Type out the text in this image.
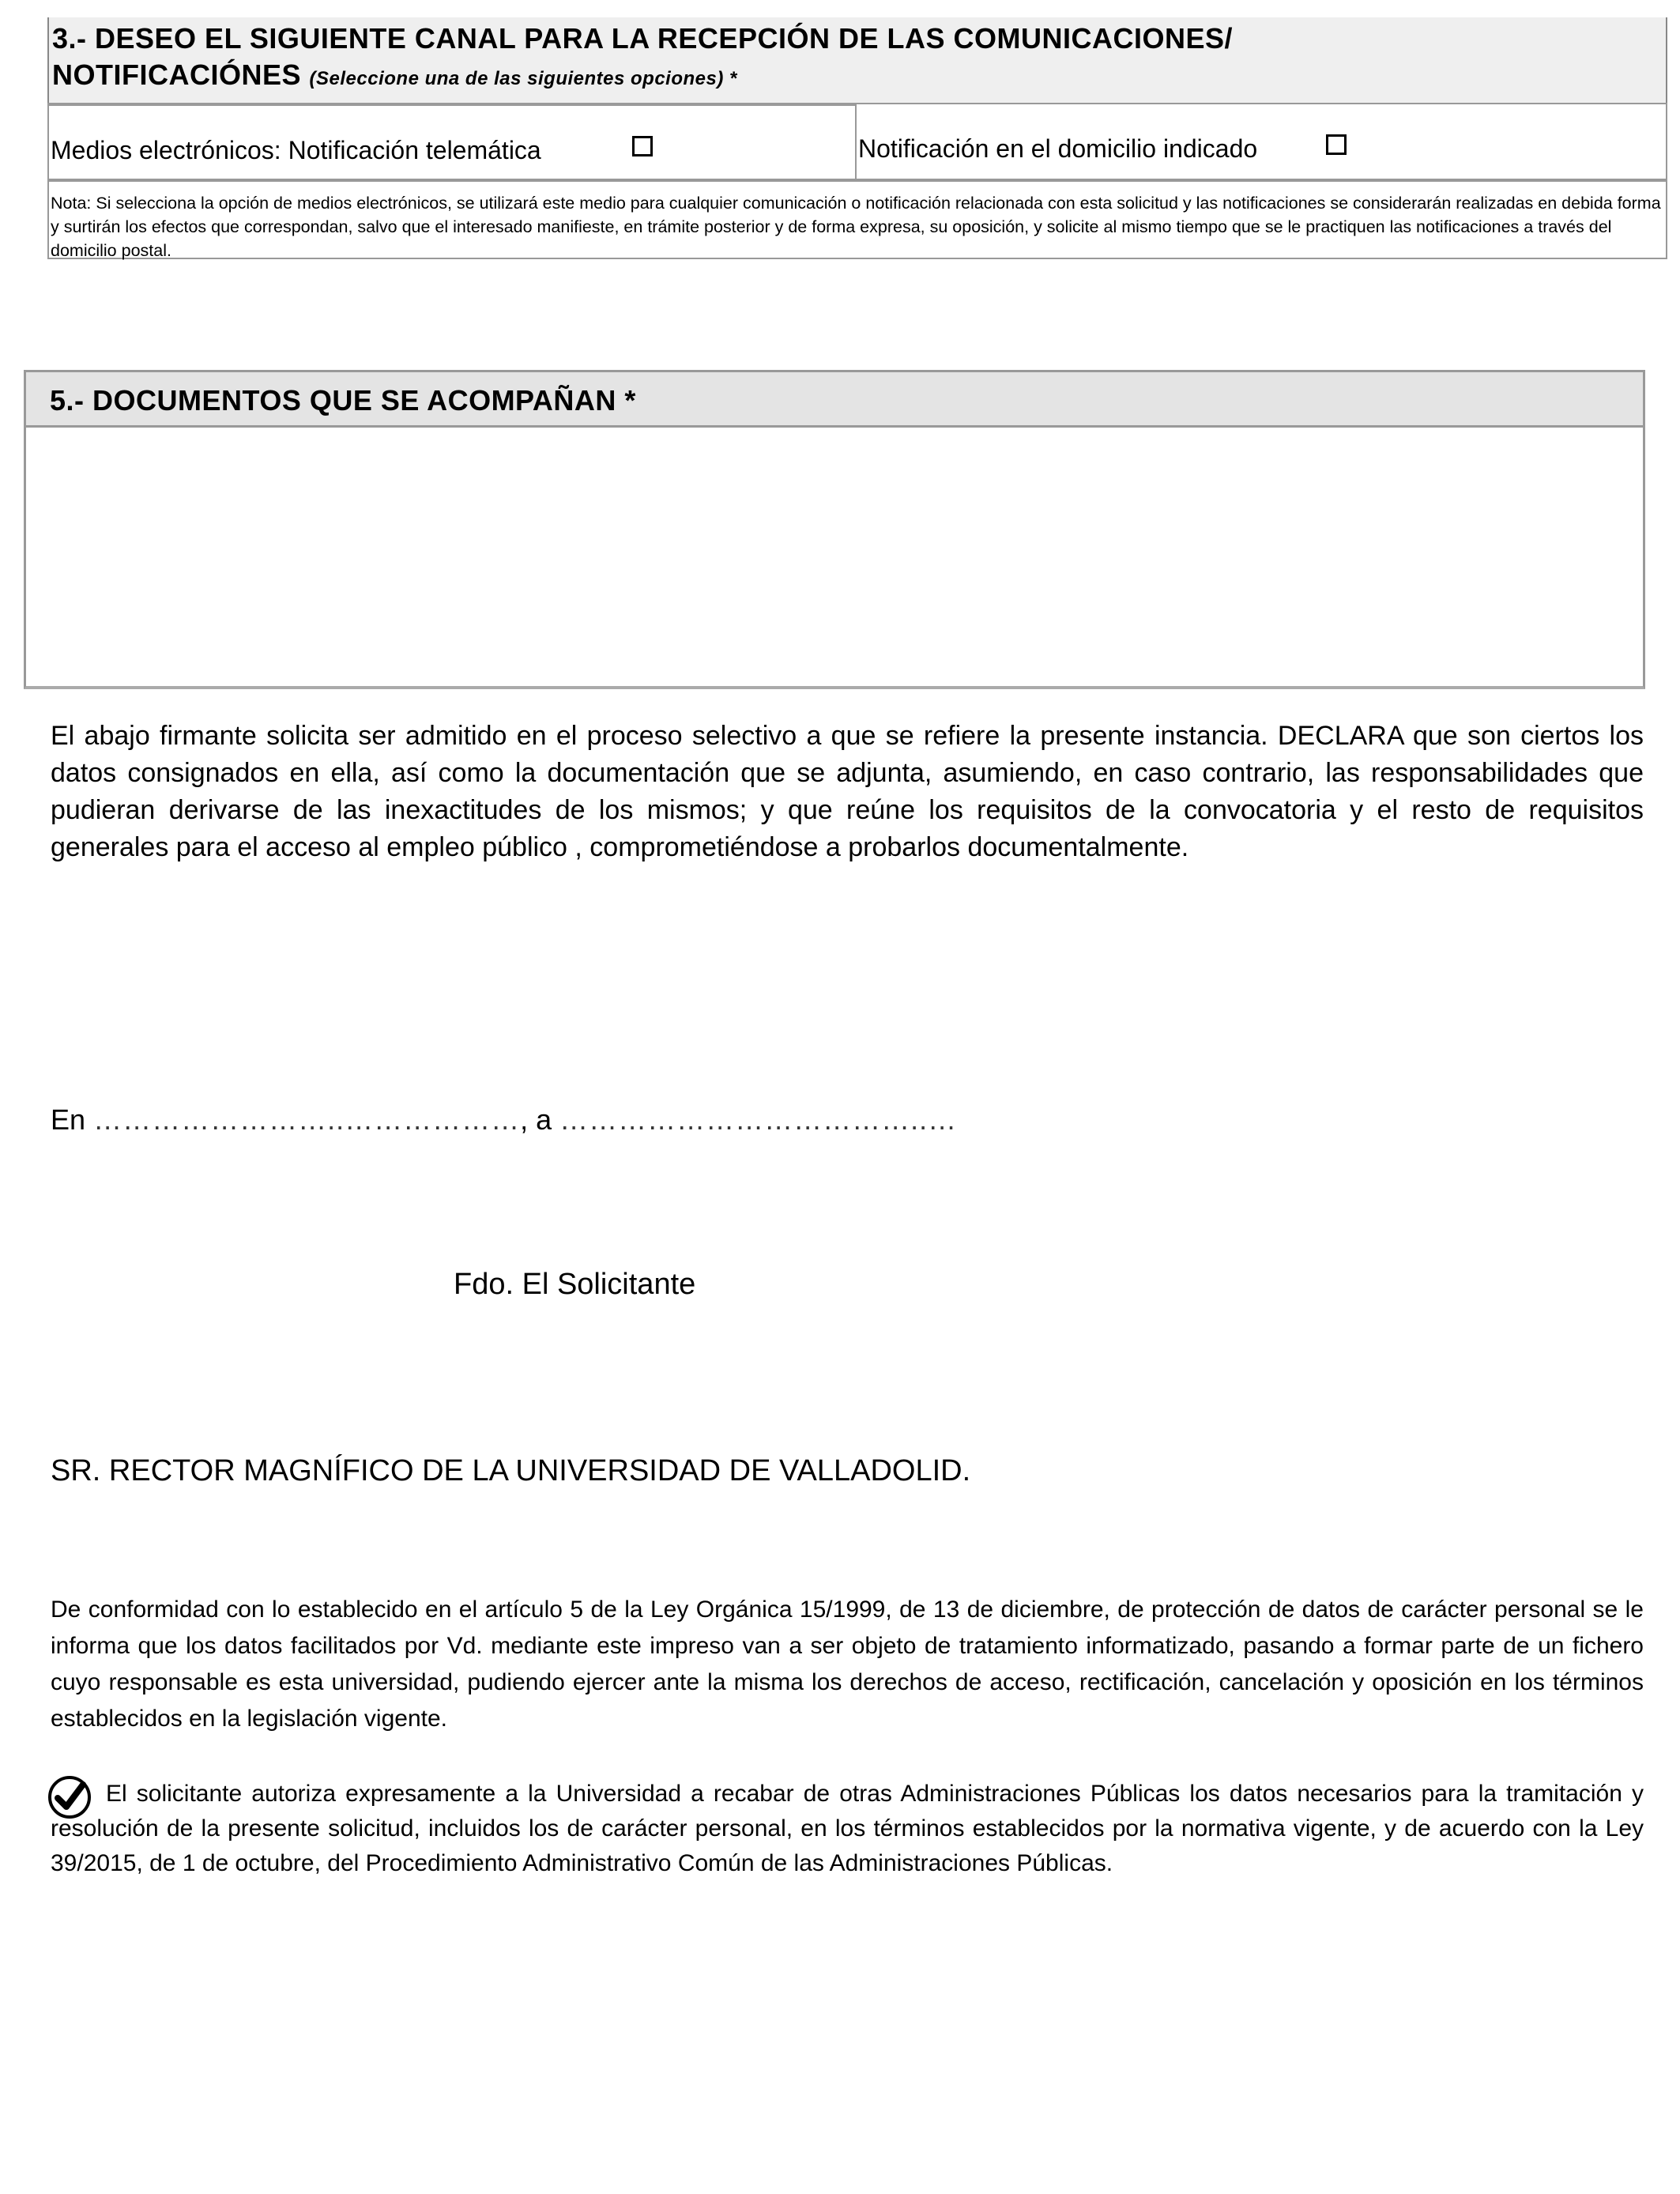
3.- DESEO EL SIGUIENTE CANAL PARA LA RECEPCIÓN DE LAS COMUNICACIONES/
NOTIFICACIÓNES (Seleccione una de las siguientes opciones) *
Medios electrónicos: Notificación telemática	Notificación en el domicilio indicado
Nota: Si selecciona la opción de medios electrónicos, se utilizará este medio para cualquier comunicación o notificación relacionada con esta solicitud y las notificaciones se considerarán realizadas en debida forma y surtirán los efectos que correspondan, salvo que el interesado manifieste, en trámite posterior y de forma expresa, su oposición, y solicite al mismo tiempo que se le practiquen las notificaciones a través del domicilio postal.
5.- DOCUMENTOS QUE SE ACOMPAÑAN *
El abajo firmante solicita ser admitido en el proceso selectivo a que se refiere la presente instancia. DECLARA que son ciertos los datos consignados en ella, así como la documentación que se adjunta, asumiendo, en caso contrario, las responsabilidades que pudieran derivarse de las inexactitudes de los mismos; y que reúne los requisitos de la convocatoria y el resto de requisitos generales para el acceso al empleo público , comprometiéndose a probarlos documentalmente.
En ……………………..………………, a ………………………………..…
Fdo. El Solicitante
SR. RECTOR MAGNÍFICO DE LA UNIVERSIDAD DE VALLADOLID.
De conformidad con lo establecido en el artículo 5 de la Ley Orgánica 15/1999, de 13 de diciembre, de protección de datos de carácter personal se le informa que los datos facilitados por Vd. mediante este impreso van a ser objeto de tratamiento informatizado, pasando a formar parte de un fichero cuyo responsable es esta universidad, pudiendo ejercer ante la misma los derechos de acceso, rectificación, cancelación y oposición en los términos establecidos en la legislación vigente.
El solicitante autoriza expresamente a la Universidad a recabar de otras Administraciones Públicas los datos necesarios para la tramitación y resolución de la presente solicitud, incluidos los de carácter personal, en los términos establecidos por la normativa vigente, y de acuerdo con la Ley 39/2015, de 1 de octubre, del Procedimiento Administrativo Común de las Administraciones Públicas.
